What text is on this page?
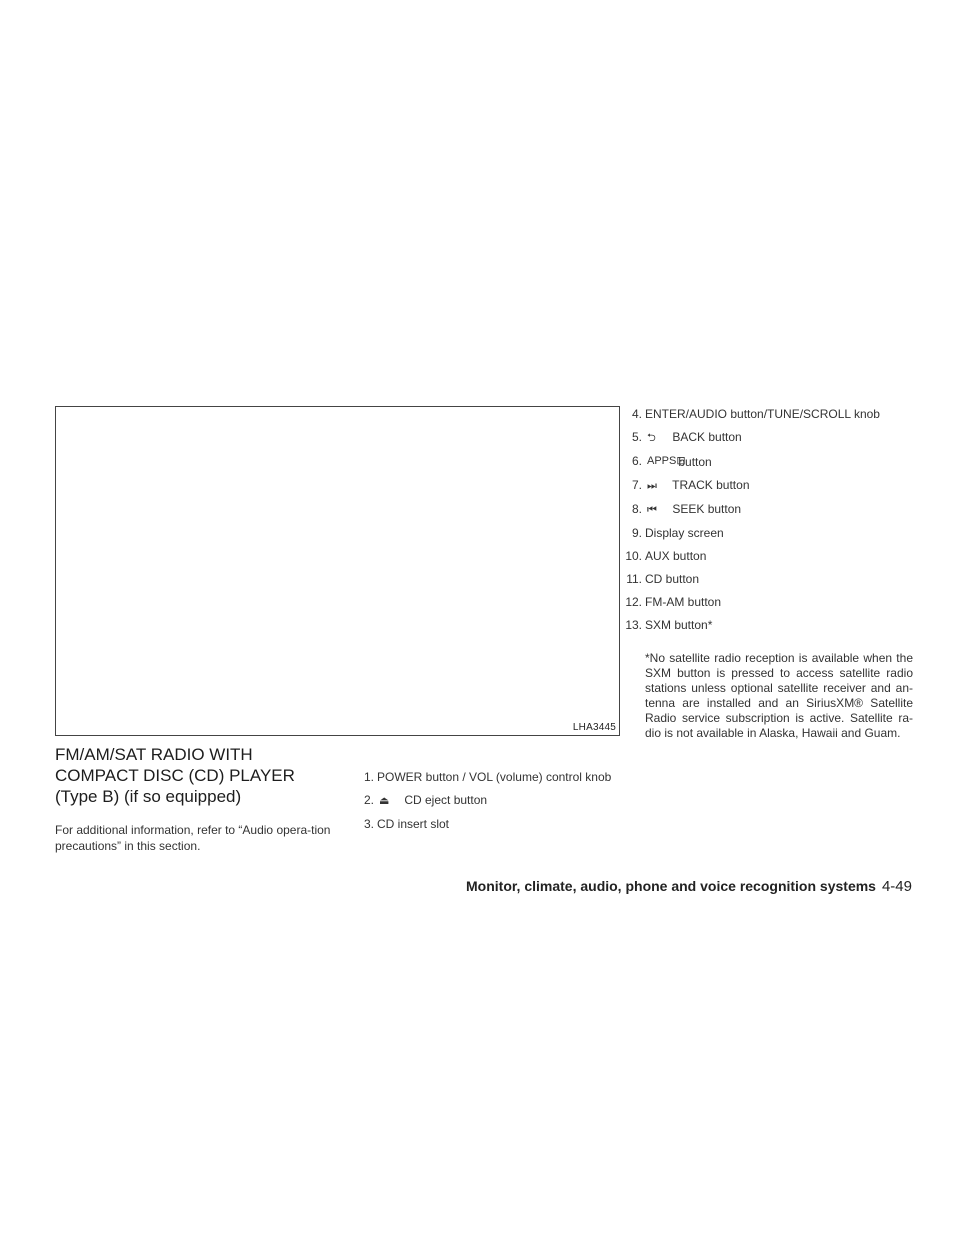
LHA3445
FM/AM/SAT RADIO WITH COMPACT DISC (CD) PLAYER (Type B) (if so equipped)

For additional information, refer to “Audio opera-tion precautions” in this section.

1. POWER button / VOL (volume) control knob
2. ⏏ CD eject button
3. CD insert slot
4. ENTER/AUDIO button/TUNE/SCROLL knob
5. ⮌ BACK button
6. APPS⊡ button
7. ⏭ TRACK button
8. ⏮ SEEK button
9. Display screen
10. AUX button
11. CD button
12. FM-AM button
13. SXM button*

*No satellite radio reception is available when the SXM button is pressed to access satellite radio stations unless optional satellite receiver and an-tenna are installed and an SiriusXM® Satellite Radio service subscription is active. Satellite ra-dio is not available in Alaska, Hawaii and Guam.

Monitor, climate, audio, phone and voice recognition systems 4-49
